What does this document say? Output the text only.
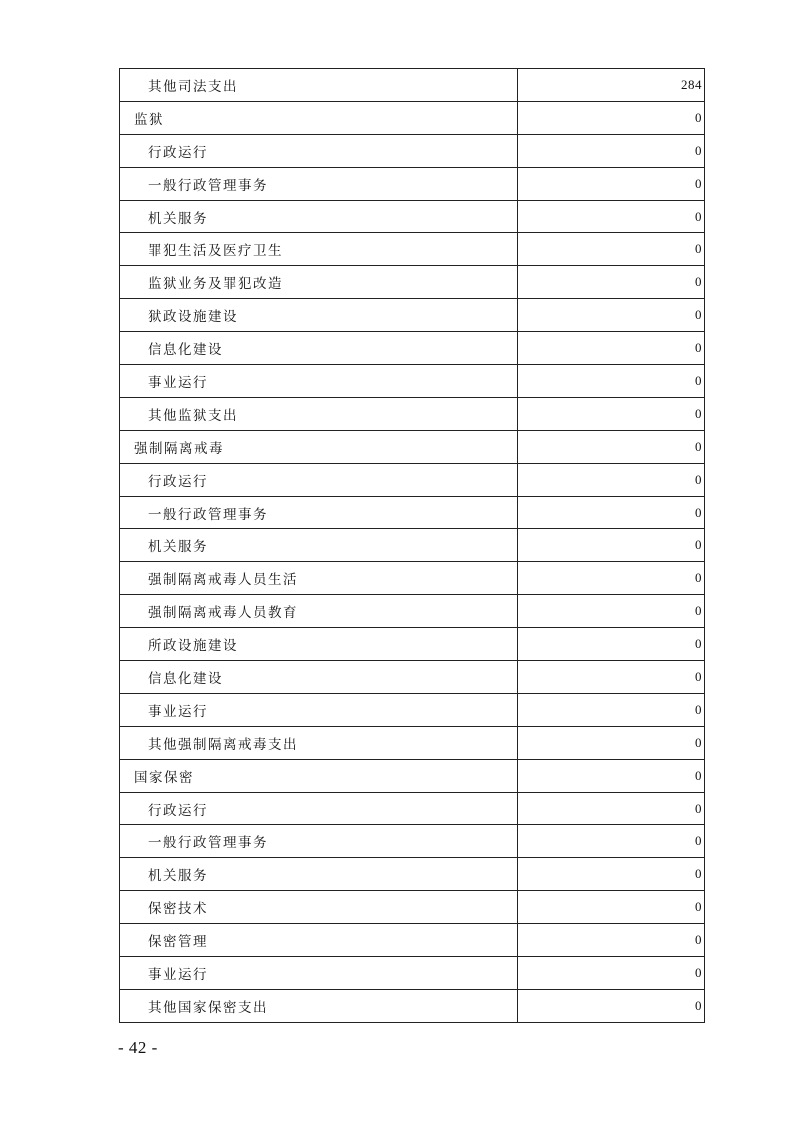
其他司法支出	284
监狱	0
行政运行	0
一般行政管理事务	0
机关服务	0
罪犯生活及医疗卫生	0
监狱业务及罪犯改造	0
狱政设施建设	0
信息化建设	0
事业运行	0
其他监狱支出	0
强制隔离戒毒	0
行政运行	0
一般行政管理事务	0
机关服务	0
强制隔离戒毒人员生活	0
强制隔离戒毒人员教育	0
所政设施建设	0
信息化建设	0
事业运行	0
其他强制隔离戒毒支出	0
国家保密	0
行政运行	0
一般行政管理事务	0
机关服务	0
保密技术	0
保密管理	0
事业运行	0
其他国家保密支出	0
- 42 -
